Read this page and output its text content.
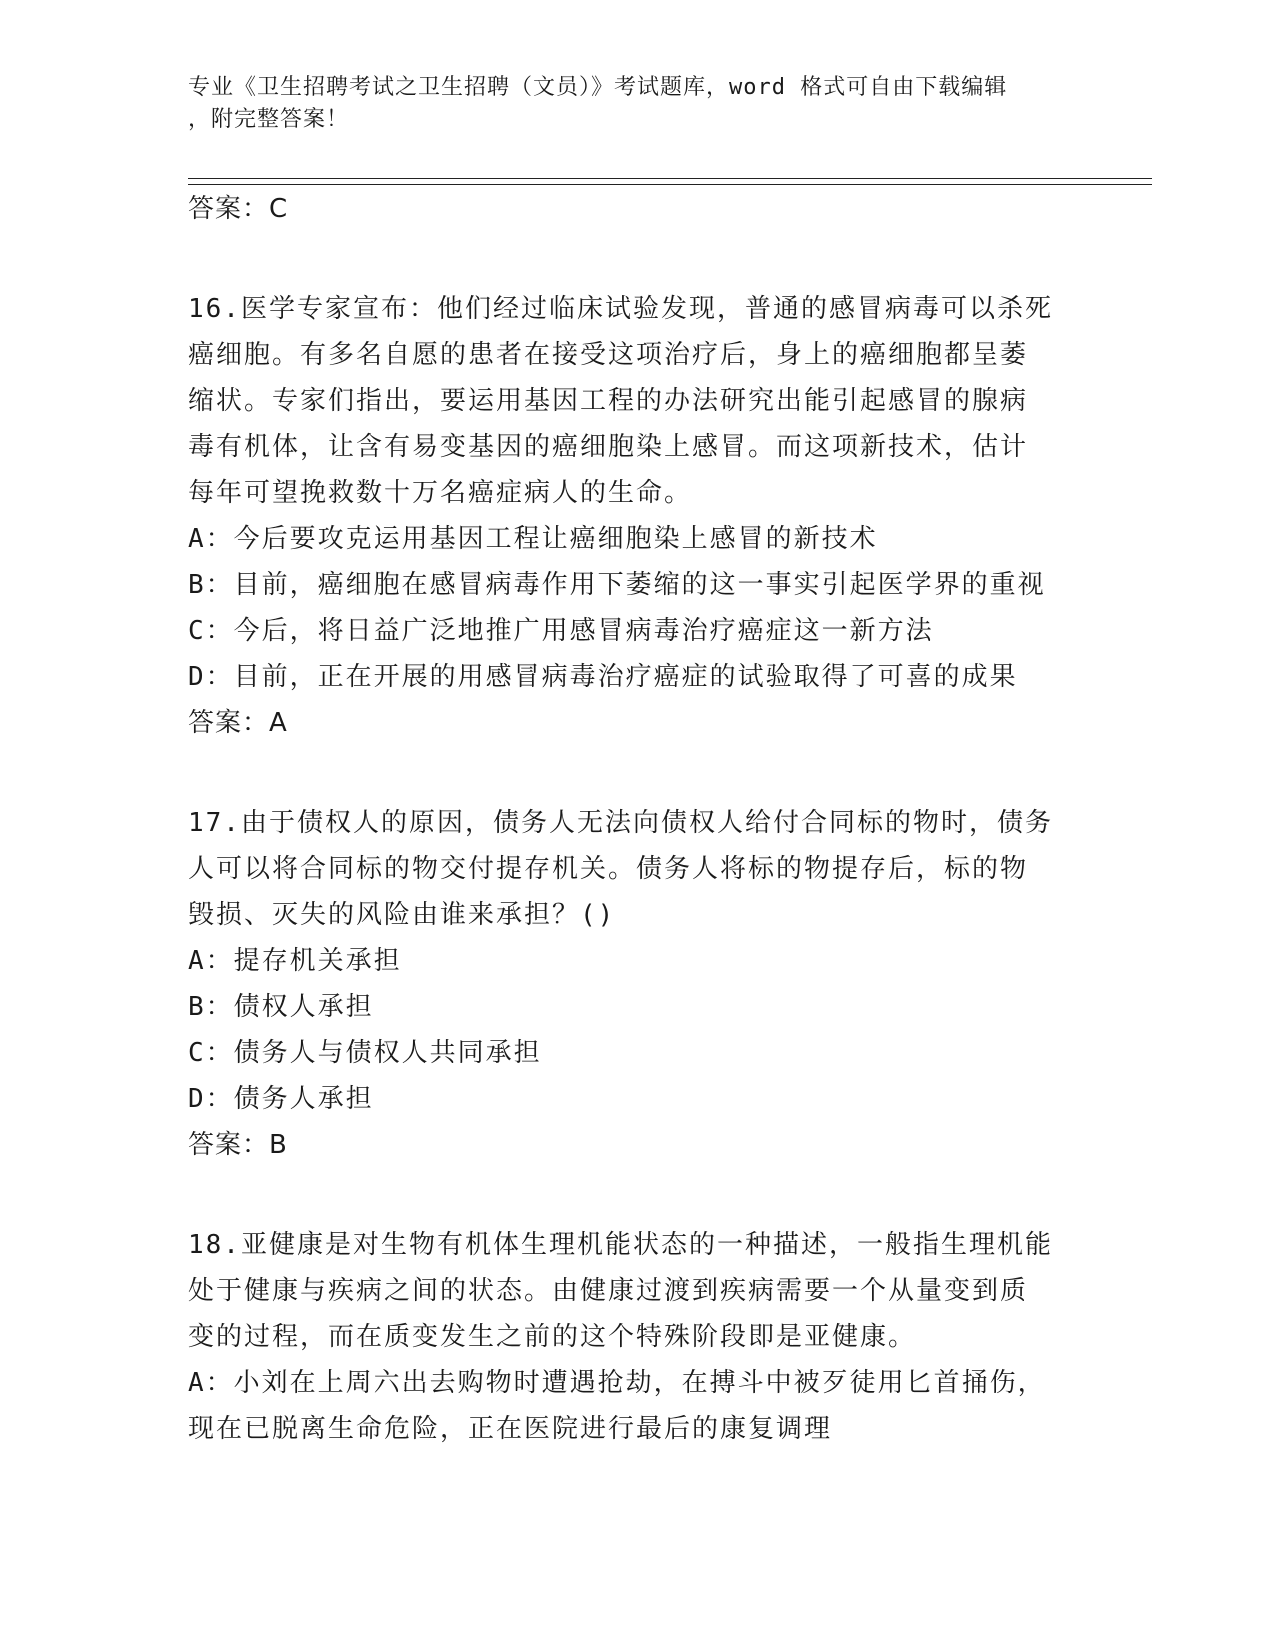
专业《卫生招聘考试之卫生招聘（文员）》考试题库，word 格式可自由下载编辑
，附完整答案！
答案：C
16.医学专家宣布：他们经过临床试验发现，普通的感冒病毒可以杀死
癌细胞。有多名自愿的患者在接受这项治疗后，身上的癌细胞都呈萎
缩状。专家们指出，要运用基因工程的办法研究出能引起感冒的腺病
毒有机体，让含有易变基因的癌细胞染上感冒。而这项新技术，估计
每年可望挽救数十万名癌症病人的生命。
A：今后要攻克运用基因工程让癌细胞染上感冒的新技术
B：目前，癌细胞在感冒病毒作用下萎缩的这一事实引起医学界的重视
C：今后，将日益广泛地推广用感冒病毒治疗癌症这一新方法
D：目前，正在开展的用感冒病毒治疗癌症的试验取得了可喜的成果
答案：A
17.由于债权人的原因，债务人无法向债权人给付合同标的物时，债务
人可以将合同标的物交付提存机关。债务人将标的物提存后，标的物
毁损、灭失的风险由谁来承担？()
A：提存机关承担
B：债权人承担
C：债务人与债权人共同承担
D：债务人承担
答案：B
18.亚健康是对生物有机体生理机能状态的一种描述，一般指生理机能
处于健康与疾病之间的状态。由健康过渡到疾病需要一个从量变到质
变的过程，而在质变发生之前的这个特殊阶段即是亚健康。
A：小刘在上周六出去购物时遭遇抢劫，在搏斗中被歹徒用匕首捅伤，
现在已脱离生命危险，正在医院进行最后的康复调理
